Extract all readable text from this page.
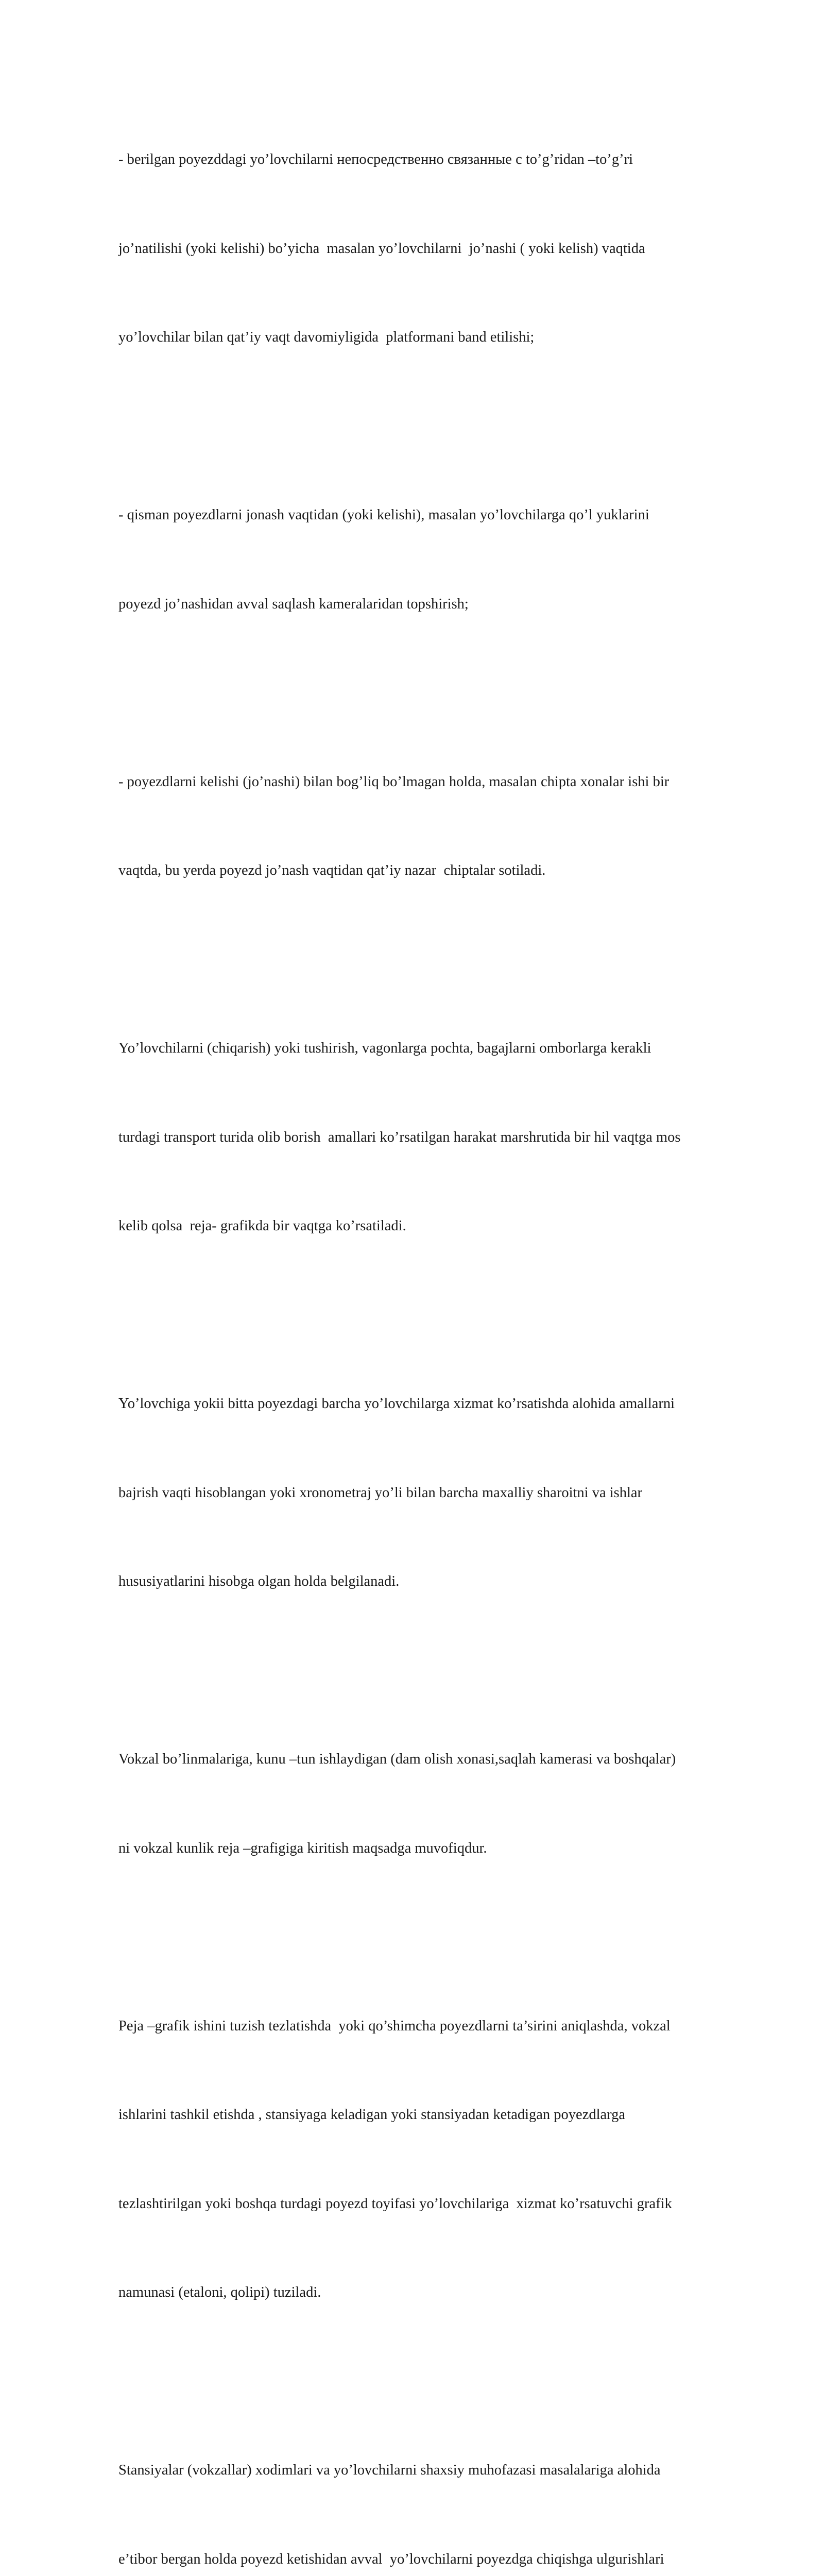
- berilgan poyezddagi yo’lovchilarni непосредственно связанные с to’g’ridan –to’g’ri

jo’natilishi (yoki kelishi) bo’yicha  masalan yo’lovchilarni  jo’nashi ( yoki kelish) vaqtida

yo’lovchilar bilan qat’iy vaqt davomiyligida  platformani band etilishi;

- qisman poyezdlarni jonash vaqtidan (yoki kelishi), masalan yo’lovchilarga qo’l yuklarini

poyezd jo’nashidan avval saqlash kameralaridan topshirish;

- poyezdlarni kelishi (jo’nashi) bilan bog’liq bo’lmagan holda, masalan chipta xonalar ishi bir

vaqtda, bu yerda poyezd jo’nash vaqtidan qat’iy nazar  chiptalar sotiladi.

Yo’lovchilarni (chiqarish) yoki tushirish, vagonlarga pochta, bagajlarni omborlarga kerakli

turdagi transport turida olib borish  amallari ko’rsatilgan harakat marshrutida bir hil vaqtga mos

kelib qolsa  reja- grafikda bir vaqtga ko’rsatiladi.

Yo’lovchiga yokii bitta poyezdagi barcha yo’lovchilarga xizmat ko’rsatishda alohida amallarni

bajrish vaqti hisoblangan yoki xronometraj yo’li bilan barcha maxalliy sharoitni va ishlar

hususiyatlarini hisobga olgan holda belgilanadi.

Vokzal bo’linmalariga, kunu –tun ishlaydigan (dam olish xonasi,saqlah kamerasi va boshqalar)

ni vokzal kunlik reja –grafigiga kiritish maqsadga muvofiqdur.

Peja –grafik ishini tuzish tezlatishda  yoki qo’shimcha poyezdlarni ta’sirini aniqlashda, vokzal

ishlarini tashkil etishda , stansiyaga keladigan yoki stansiyadan ketadigan poyezdlarga

tezlashtirilgan yoki boshqa turdagi poyezd toyifasi yo’lovchilariga  xizmat ko’rsatuvchi grafik

namunasi (etaloni, qolipi) tuziladi.

Stansiyalar (vokzallar) xodimlari va yo’lovchilarni shaxsiy muhofazasi masalalariga alohida

e’tibor bergan holda poyezd ketishidan avval  yo’lovchilarni poyezdga chiqishga ulgurishlari
